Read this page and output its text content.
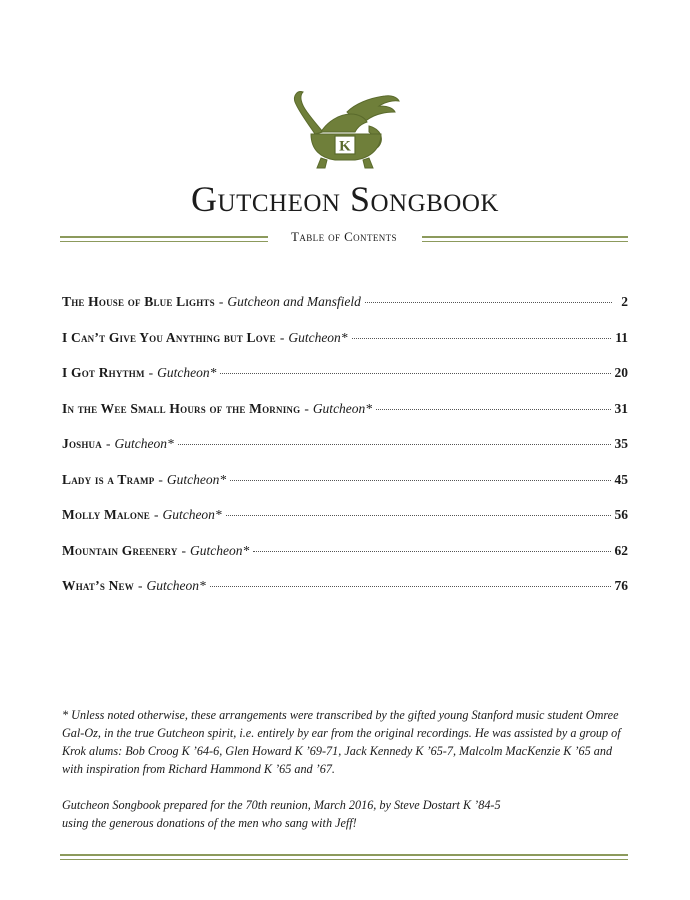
K
Gutcheon Songbook
Table of Contents
The House of Blue Lights - Gutcheon and Mansfield	2
I Can’t Give You Anything but Love - Gutcheon*	11
I Got Rhythm - Gutcheon*	20
In the Wee Small Hours of the Morning - Gutcheon*	31
Joshua - Gutcheon*	35
Lady is a Tramp - Gutcheon*	45
Molly Malone - Gutcheon*	56
Mountain Greenery - Gutcheon*	62
What’s New - Gutcheon*	76

* Unless noted otherwise, these arrangements were transcribed by the gifted young Stanford music student Omree Gal-Oz, in the true Gutcheon spirit, i.e. entirely by ear from the original recordings. He was assisted by a group of Krok alums: Bob Croog K ’64-6, Glen Howard K ’69-71, Jack Kennedy K ’65-7, Malcolm MacKenzie K ’65 and with inspiration from Richard Hammond K ’65 and ’67.

Gutcheon Songbook prepared for the 70th reunion, March 2016, by Steve Dostart K ’84-5
using the generous donations of the men who sang with Jeff!
